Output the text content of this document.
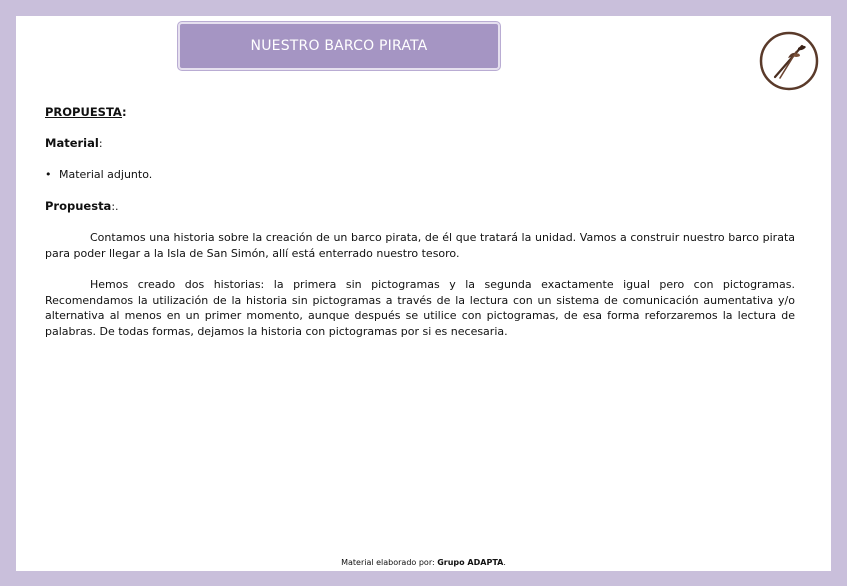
NUESTRO BARCO PIRATA
PROPUESTA:
Material:
• Material adjunto.
Propuesta:.

Contamos una historia sobre la creación de un barco pirata, de él que tratará la unidad. Vamos a construir nuestro barco pirata para poder llegar a la Isla de San Simón, allí está enterrado nuestro tesoro.

Hemos creado dos historias: la primera sin pictogramas y la segunda exactamente igual pero con pictogramas. Recomendamos la utilización de la historia sin pictogramas a través de la lectura con un sistema de comunicación aumentativa y/o alternativa al menos en un primer momento, aunque después se utilice con pictogramas, de esa forma reforzaremos la lectura de palabras. De todas formas, dejamos la historia con pictogramas por si es necesaria.

Material elaborado por: Grupo ADAPTA.
